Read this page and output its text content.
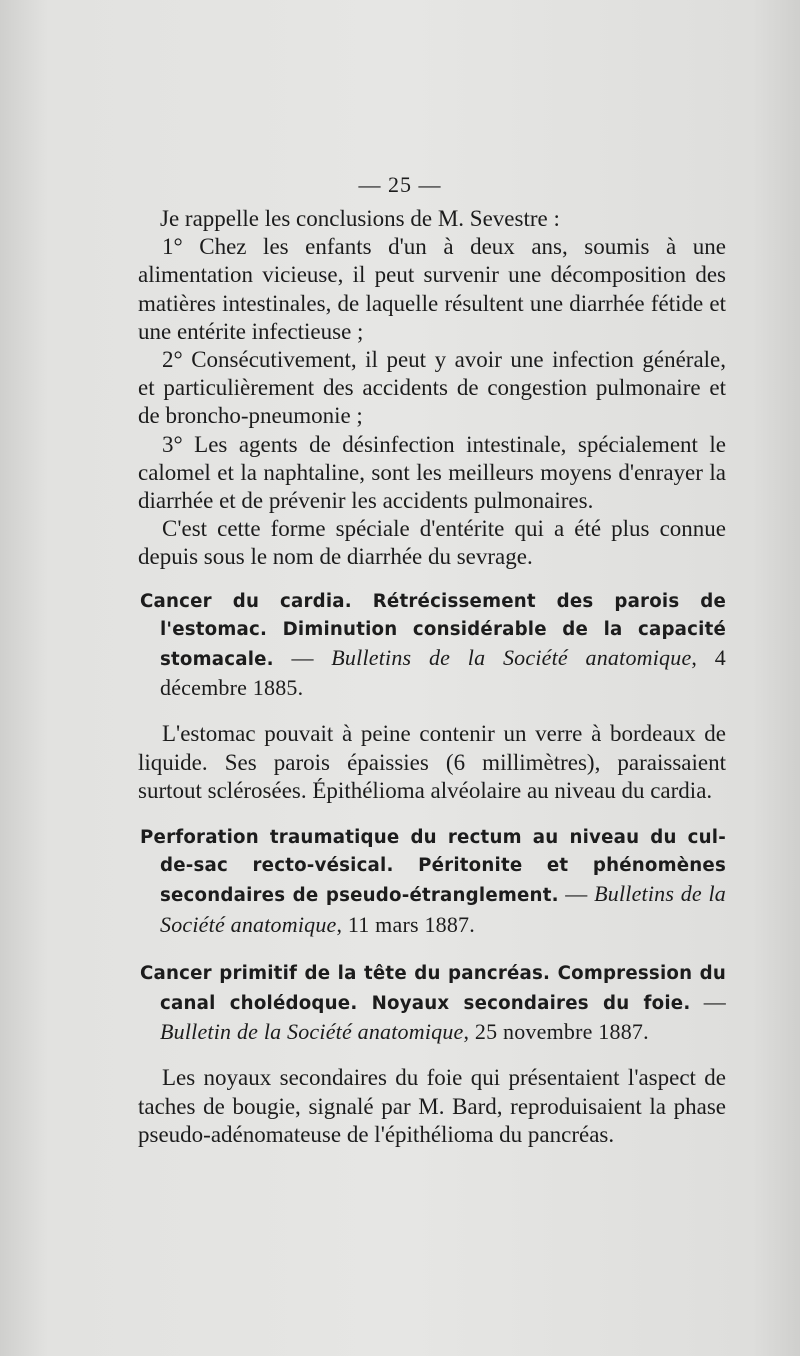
— 25 —

Je rappelle les conclusions de M. Sevestre :

1° Chez les enfants d'un à deux ans, soumis à une alimentation vicieuse, il peut survenir une décomposition des matières intestinales, de laquelle résultent une diarrhée fétide et une entérite infectieuse ;

2° Consécutivement, il peut y avoir une infection générale, et particulièrement des accidents de congestion pulmonaire et de broncho-pneumonie ;

3° Les agents de désinfection intestinale, spécialement le calomel et la naphtaline, sont les meilleurs moyens d'enrayer la diarrhée et de prévenir les accidents pulmonaires.

C'est cette forme spéciale d'entérite qui a été plus connue depuis sous le nom de diarrhée du sevrage.

Cancer du cardia. Rétrécissement des parois de l'estomac. Diminution considérable de la capacité stomacale. — Bulletins de la Société anatomique, 4 décembre 1885.

L'estomac pouvait à peine contenir un verre à bordeaux de liquide. Ses parois épaissies (6 millimètres), paraissaient surtout sclérosées. Épithélioma alvéolaire au niveau du cardia.

Perforation traumatique du rectum au niveau du cul-de-sac recto-vésical. Péritonite et phénomènes secondaires de pseudo-étranglement. — Bulletins de la Société anatomique, 11 mars 1887.

Cancer primitif de la tête du pancréas. Compression du canal cholédoque. Noyaux secondaires du foie. — Bulletin de la Société anatomique, 25 novembre 1887.

Les noyaux secondaires du foie qui présentaient l'aspect de taches de bougie, signalé par M. Bard, reproduisaient la phase pseudo-adénomateuse de l'épithélioma du pancréas.
